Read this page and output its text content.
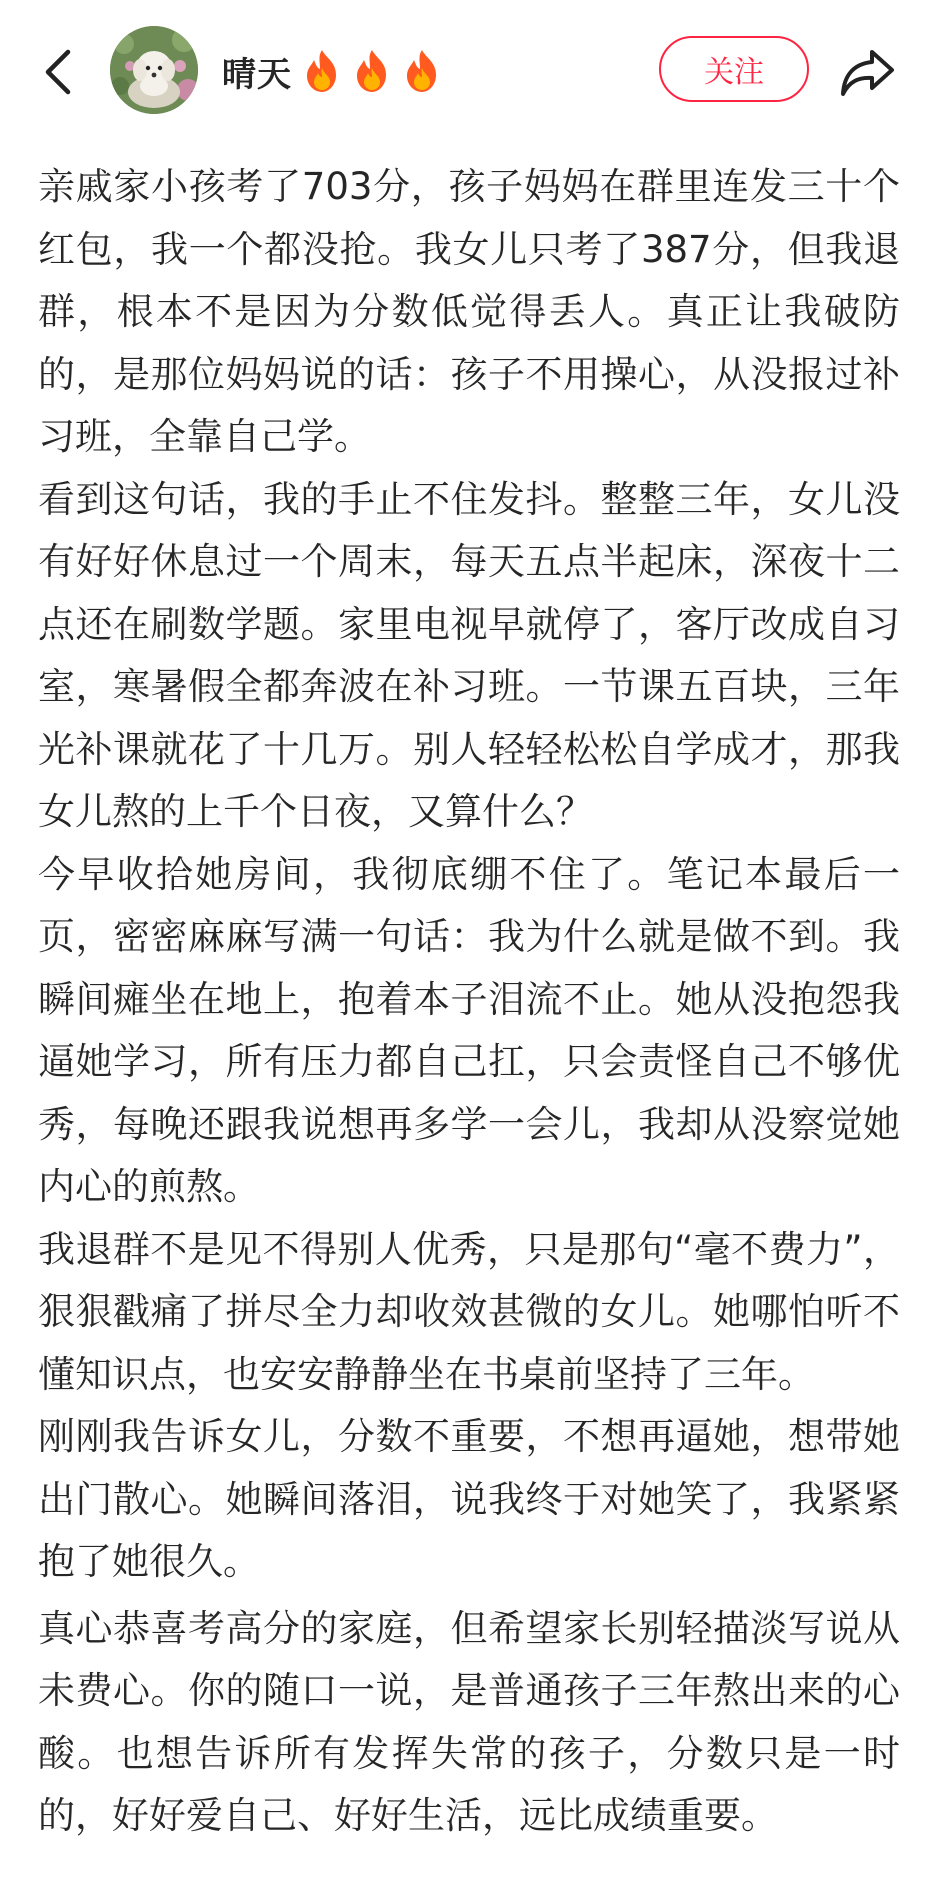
晴天	关注

亲戚家小孩考了703分，孩子妈妈在群里连发三十个红包，我一个都没抢。我女儿只考了387分，但我退群，根本不是因为分数低觉得丢人。真正让我破防的，是那位妈妈说的话：孩子不用操心，从没报过补习班，全靠自己学。

看到这句话，我的手止不住发抖。整整三年，女儿没有好好休息过一个周末，每天五点半起床，深夜十二点还在刷数学题。家里电视早就停了，客厅改成自习室，寒暑假全都奔波在补习班。一节课五百块，三年光补课就花了十几万。别人轻轻松松自学成才，那我女儿熬的上千个日夜，又算什么？

今早收拾她房间，我彻底绷不住了。笔记本最后一页，密密麻麻写满一句话：我为什么就是做不到。我瞬间瘫坐在地上，抱着本子泪流不止。她从没抱怨我逼她学习，所有压力都自己扛，只会责怪自己不够优秀，每晚还跟我说想再多学一会儿，我却从没察觉她内心的煎熬。

我退群不是见不得别人优秀，只是那句“毫不费力”，狠狠戳痛了拼尽全力却收效甚微的女儿。她哪怕听不懂知识点，也安安静静坐在书桌前坚持了三年。

刚刚我告诉女儿，分数不重要，不想再逼她，想带她出门散心。她瞬间落泪，说我终于对她笑了，我紧紧抱了她很久。

真心恭喜考高分的家庭，但希望家长别轻描淡写说从未费心。你的随口一说，是普通孩子三年熬出来的心酸。也想告诉所有发挥失常的孩子，分数只是一时的，好好爱自己、好好生活，远比成绩重要。
